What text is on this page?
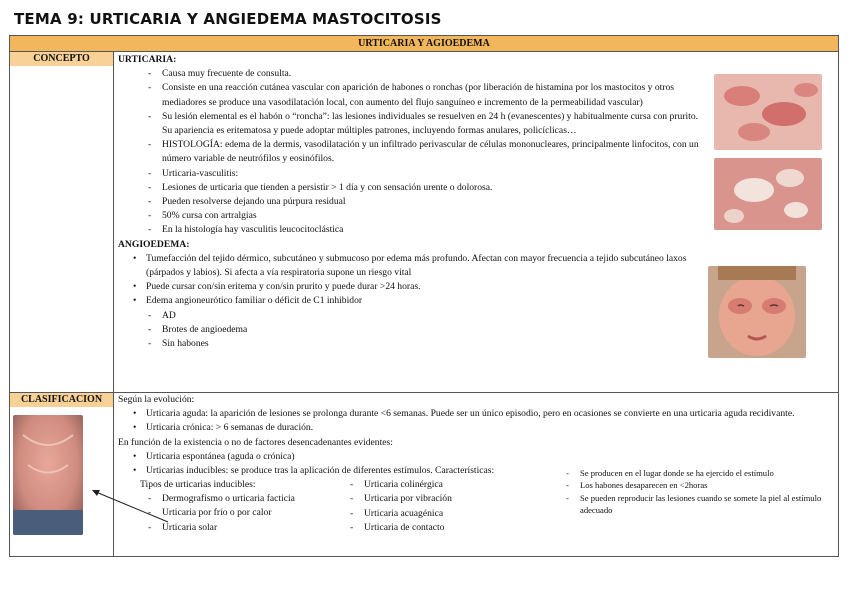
TEMA 9: URTICARIA Y ANGIEDEMA MASTOCITOSIS
URTICARIA Y AGIOEDEMA
CONCEPTO
CLASIFICACION
URTICARIA:
- Causa muy frecuente de consulta.
- Consiste en una reacción cutánea vascular con aparición de habones o ronchas (por liberación de histamina por los mastocitos y otros mediadores se produce una vasodilatación local, con aumento del flujo sanguíneo e incremento de la permeabilidad vascular)
- Su lesión elemental es el habón o “roncha”: las lesiones individuales se resuelven en 24 h (evanescentes) y habitualmente cursa con prurito. Su apariencia es eritematosa y puede adoptar múltiples patrones, incluyendo formas anulares, policíclicas…
- HISTOLOGÍA: edema de la dermis, vasodilatación y un infiltrado perivascular de células mononucleares, principalmente linfocitos, con un número variable de neutrófilos y eosinófilos.
- Urticaria-vasculitis:
- Lesiones de urticaria que tienden a persistir > 1 día y con sensación urente o dolorosa.
- Pueden resolverse dejando una púrpura residual
- 50% cursa con artralgias
- En la histología hay vasculitis leucocitoclástica
ANGIOEDEMA:
• Tumefacción del tejido dérmico, subcutáneo y submucoso por edema más profundo. Afectan con mayor frecuencia a tejido subcutáneo laxos (párpados y labios). Si afecta a vía respiratoria supone un riesgo vital
• Puede cursar con/sin eritema y con/sin prurito y puede durar >24 horas.
• Edema angioneurótico familiar o déficit de C1 inhibidor
- AD
- Brotes de angioedema
- Sin habones
Según la evolución:
• Urticaria aguda: la aparición de lesiones se prolonga durante <6 semanas. Puede ser un único episodio, pero en ocasiones se convierte en una urticaria aguda recidivante.
• Urticaria crónica: > 6 semanas de duración.
En función de la existencia o no de factores desencadenantes evidentes:
• Urticaria espontánea (aguda o crónica)
• Urticarias inducibles: se produce tras la aplicación de diferentes estímulos. Características:
Tipos de urticarias inducibles:
- Dermografismo o urticaria facticia
- Urticaria por frío o por calor
- Urticaria solar
- Urticaria colinérgica
- Urticaria por vibración
- Urticaria acuagénica
- Urticaria de contacto
- Se producen en el lugar donde se ha ejercido el estímulo
- Los habones desaparecen en <2horas
- Se pueden reproducir las lesiones cuando se somete la piel al estímulo adecuado
